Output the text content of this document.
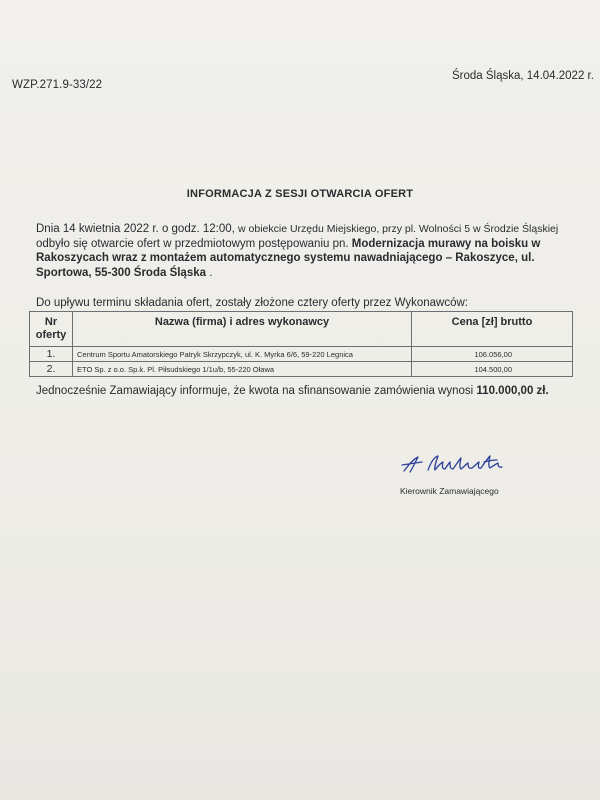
WZP.271.9-33/22
Środa Śląska, 14.04.2022 r.
INFORMACJA Z SESJI OTWARCIA OFERT
Dnia 14 kwietnia 2022 r. o godz. 12:00, w obiekcie Urzędu Miejskiego, przy pl. Wolności 5 w Środzie Śląskiej odbyło się otwarcie ofert w przedmiotowym postępowaniu pn. Modernizacja murawy na boisku w Rakoszycach wraz z montażem automatycznego systemu nawadniającego – Rakoszyce, ul. Sportowa, 55-300 Środa Śląska .
Do upływu terminu składania ofert, zostały złożone cztery oferty przez Wykonawców:
Nr oferty	Nazwa (firma) i adres wykonawcy	Cena [zł] brutto
1.	Centrum Sportu Amatorskiego Patryk Skrzypczyk, ul. K. Myrka 6/6, 59-220 Legnica	106.056,00
2.	ETO Sp. z o.o. Sp.k. Pl. Piłsudskiego 1/1u/b, 55-220 Oława	104.500,00
Jednocześnie Zamawiający informuje, że kwota na sfinansowanie zamówienia wynosi 110.000,00 zł.
Kierownik Zamawiającego
